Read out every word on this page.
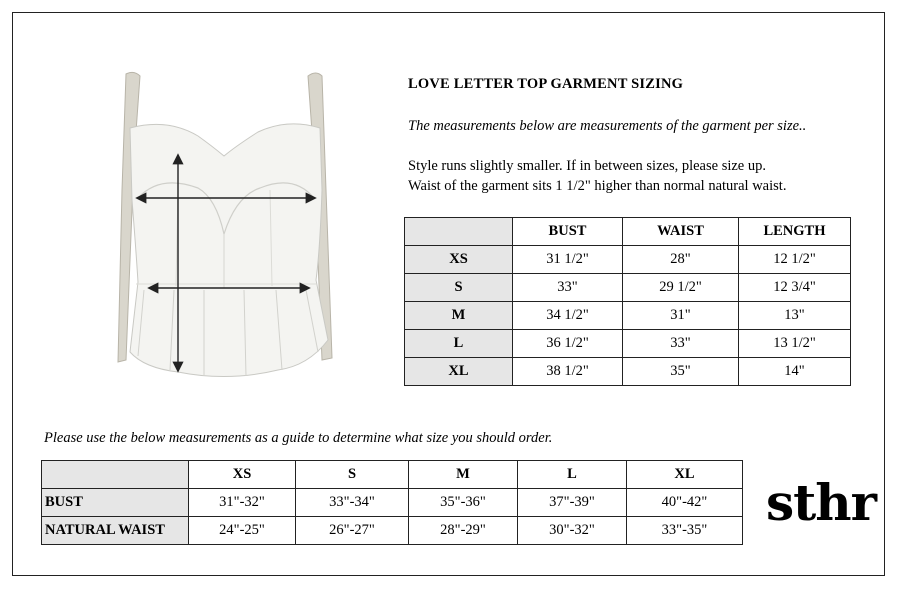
LOVE LETTER TOP GARMENT SIZING
The measurements below are measurements of the garment per size..
Style runs slightly smaller. If in between sizes, please size up.
Waist of the garment sits 1 1/2" higher than normal natural waist.
	BUST	WAIST	LENGTH
XS	31 1/2"	28"	12 1/2"
S	33"	29 1/2"	12 3/4"
M	34 1/2"	31"	13"
L	36 1/2"	33"	13 1/2"
XL	38 1/2"	35"	14"
Please use the below measurements as a guide to determine what size you should order.
	XS	S	M	L	XL
BUST	31"-32"	33"-34"	35"-36"	37"-39"	40"-42"
NATURAL WAIST	24"-25"	26"-27"	28"-29"	30"-32"	33"-35" sthr
